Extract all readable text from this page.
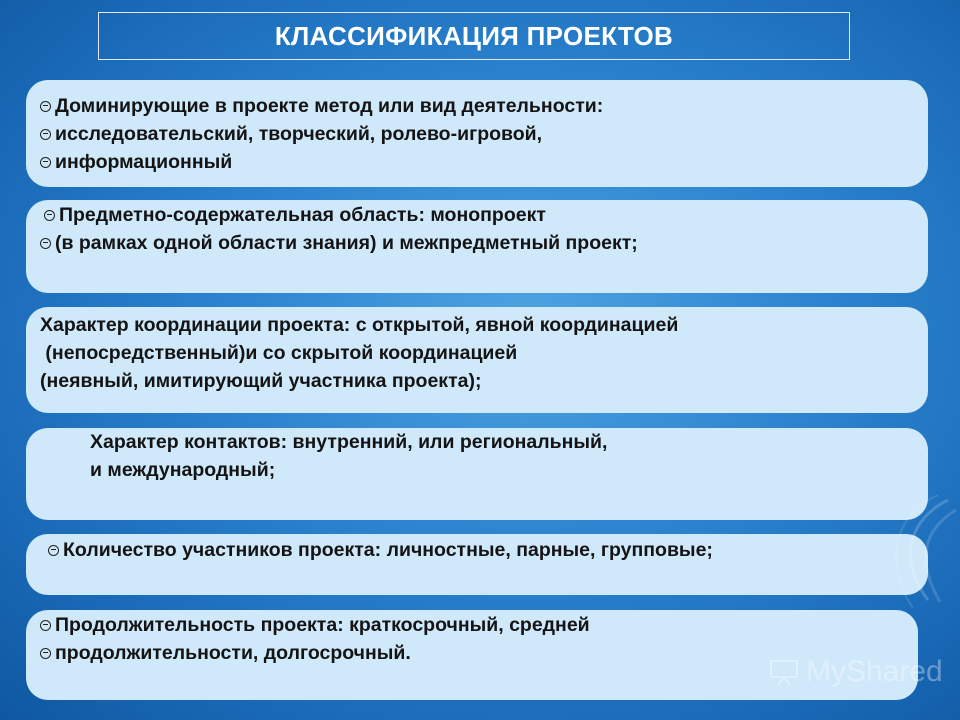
КЛАССИФИКАЦИЯ ПРОЕКТОВ
Доминирующие в проекте метод или вид деятельности:
исследовательский, творческий, ролево-игровой,
информационный
Предметно-содержательная область: монопроект
(в рамках одной области знания) и межпредметный проект;
Характер координации проекта: с открытой, явной координацией
(непосредственный)и со скрытой координацией
(неявный, имитирующий участника проекта);
Характер контактов: внутренний, или региональный,
и международный;
Количество участников проекта: личностные, парные, групповые;
Продолжительность проекта: краткосрочный, средней
продолжительности, долгосрочный.
MyShared
